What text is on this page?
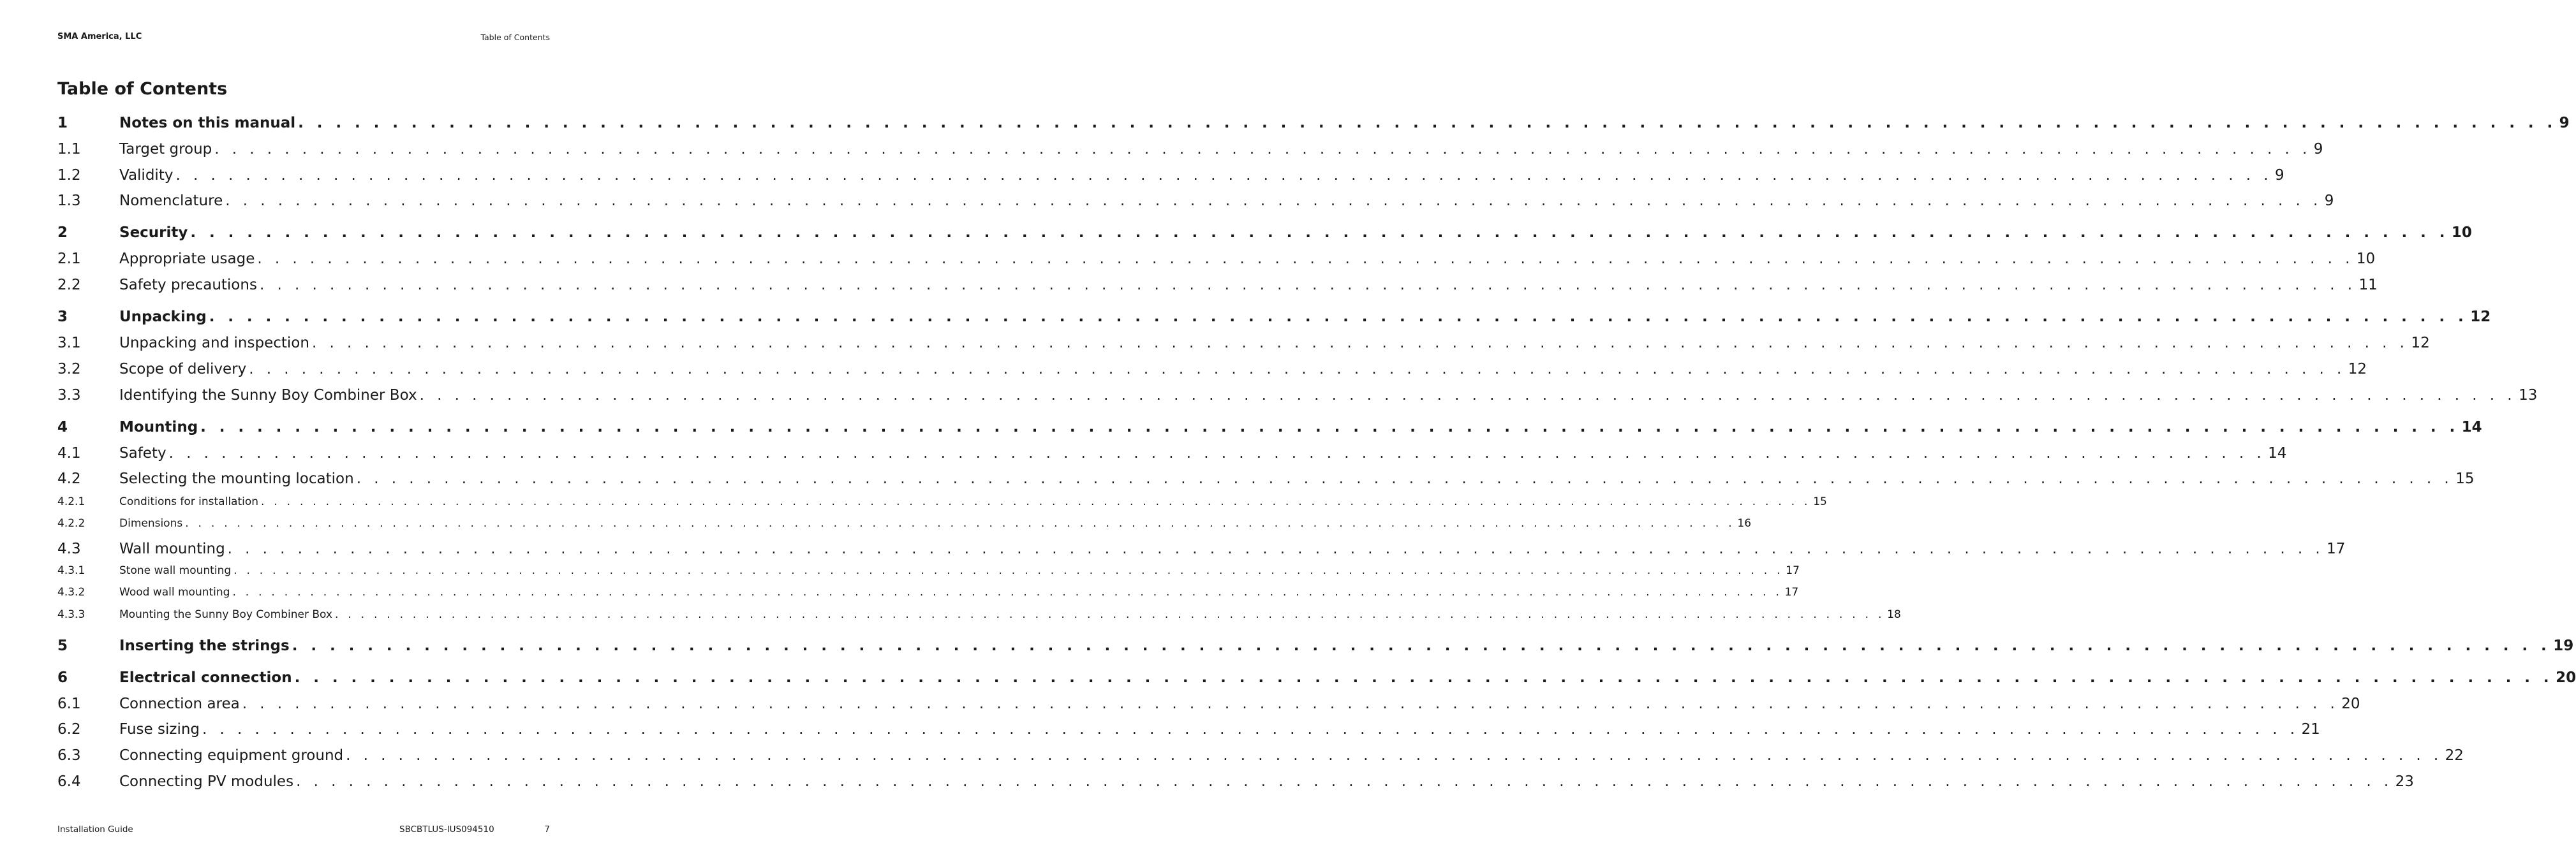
SMA America, LLC	Table of Contents
Table of Contents
1	Notes on this manual . . . . . . . . . . . . . . . . . . . . . . . . . . . . . . . . . . . . . . . . . . . . . . . . . . . . . . . . . . . . . . . . . . . . . . . . . . . . . . . . . . . . . . . . . . . . . . . . . . . . . . . . . . . . . . . . . . . . . . . . 9
1.1	Target group . . . . . . . . . . . . . . . . . . . . . . . . . . . . . . . . . . . . . . . . . . . . . . . . . . . . . . . . . . . . . . . . . . . . . . . . . . . . . . . . . . . . . . . . . . . . . . . . . . . . . . . . . . . . . . . . . . . . . . . . 9
1.2	Validity . . . . . . . . . . . . . . . . . . . . . . . . . . . . . . . . . . . . . . . . . . . . . . . . . . . . . . . . . . . . . . . . . . . . . . . . . . . . . . . . . . . . . . . . . . . . . . . . . . . . . . . . . . . . . . . . . . . . . . . . 9
1.3	Nomenclature . . . . . . . . . . . . . . . . . . . . . . . . . . . . . . . . . . . . . . . . . . . . . . . . . . . . . . . . . . . . . . . . . . . . . . . . . . . . . . . . . . . . . . . . . . . . . . . . . . . . . . . . . . . . . . . . . . . . . . . . 9
2	Security . . . . . . . . . . . . . . . . . . . . . . . . . . . . . . . . . . . . . . . . . . . . . . . . . . . . . . . . . . . . . . . . . . . . . . . . . . . . . . . . . . . . . . . . . . . . . . . . . . . . . . . . . . . . . . . . . . . . . . . . 10
2.1	Appropriate usage . . . . . . . . . . . . . . . . . . . . . . . . . . . . . . . . . . . . . . . . . . . . . . . . . . . . . . . . . . . . . . . . . . . . . . . . . . . . . . . . . . . . . . . . . . . . . . . . . . . . . . . . . . . . . . . . . . . . . . . . 10
2.2	Safety precautions . . . . . . . . . . . . . . . . . . . . . . . . . . . . . . . . . . . . . . . . . . . . . . . . . . . . . . . . . . . . . . . . . . . . . . . . . . . . . . . . . . . . . . . . . . . . . . . . . . . . . . . . . . . . . . . . . . . . . . . . 11
3	Unpacking . . . . . . . . . . . . . . . . . . . . . . . . . . . . . . . . . . . . . . . . . . . . . . . . . . . . . . . . . . . . . . . . . . . . . . . . . . . . . . . . . . . . . . . . . . . . . . . . . . . . . . . . . . . . . . . . . . . . . . . . 12
3.1	Unpacking and inspection . . . . . . . . . . . . . . . . . . . . . . . . . . . . . . . . . . . . . . . . . . . . . . . . . . . . . . . . . . . . . . . . . . . . . . . . . . . . . . . . . . . . . . . . . . . . . . . . . . . . . . . . . . . . . . . . . . . . . . . . 12
3.2	Scope of delivery . . . . . . . . . . . . . . . . . . . . . . . . . . . . . . . . . . . . . . . . . . . . . . . . . . . . . . . . . . . . . . . . . . . . . . . . . . . . . . . . . . . . . . . . . . . . . . . . . . . . . . . . . . . . . . . . . . . . . . . . 12
3.3	Identifying the Sunny Boy Combiner Box . . . . . . . . . . . . . . . . . . . . . . . . . . . . . . . . . . . . . . . . . . . . . . . . . . . . . . . . . . . . . . . . . . . . . . . . . . . . . . . . . . . . . . . . . . . . . . . . . . . . . . . . . . . . . . . . . . . . . . . . 13
4	Mounting . . . . . . . . . . . . . . . . . . . . . . . . . . . . . . . . . . . . . . . . . . . . . . . . . . . . . . . . . . . . . . . . . . . . . . . . . . . . . . . . . . . . . . . . . . . . . . . . . . . . . . . . . . . . . . . . . . . . . . . . 14
4.1	Safety . . . . . . . . . . . . . . . . . . . . . . . . . . . . . . . . . . . . . . . . . . . . . . . . . . . . . . . . . . . . . . . . . . . . . . . . . . . . . . . . . . . . . . . . . . . . . . . . . . . . . . . . . . . . . . . . . . . . . . . . 14
4.2	Selecting the mounting location . . . . . . . . . . . . . . . . . . . . . . . . . . . . . . . . . . . . . . . . . . . . . . . . . . . . . . . . . . . . . . . . . . . . . . . . . . . . . . . . . . . . . . . . . . . . . . . . . . . . . . . . . . . . . . . . . . . . . . . . 15
4.2.1	Conditions for installation . . . . . . . . . . . . . . . . . . . . . . . . . . . . . . . . . . . . . . . . . . . . . . . . . . . . . . . . . . . . . . . . . . . . . . . . . . . . . . . . . . . . . . . . . . . . . . . . . . . . . . . . . . . . . . . . . . . . . . . . 15
4.2.2	Dimensions . . . . . . . . . . . . . . . . . . . . . . . . . . . . . . . . . . . . . . . . . . . . . . . . . . . . . . . . . . . . . . . . . . . . . . . . . . . . . . . . . . . . . . . . . . . . . . . . . . . . . . . . . . . . . . . . . . . . . . . . 16
4.3	Wall mounting . . . . . . . . . . . . . . . . . . . . . . . . . . . . . . . . . . . . . . . . . . . . . . . . . . . . . . . . . . . . . . . . . . . . . . . . . . . . . . . . . . . . . . . . . . . . . . . . . . . . . . . . . . . . . . . . . . . . . . . . 17
4.3.1	Stone wall mounting . . . . . . . . . . . . . . . . . . . . . . . . . . . . . . . . . . . . . . . . . . . . . . . . . . . . . . . . . . . . . . . . . . . . . . . . . . . . . . . . . . . . . . . . . . . . . . . . . . . . . . . . . . . . . . . . . . . . . . . . 17
4.3.2	Wood wall mounting . . . . . . . . . . . . . . . . . . . . . . . . . . . . . . . . . . . . . . . . . . . . . . . . . . . . . . . . . . . . . . . . . . . . . . . . . . . . . . . . . . . . . . . . . . . . . . . . . . . . . . . . . . . . . . . . . . . . . . . . 17
4.3.3	Mounting the Sunny Boy Combiner Box . . . . . . . . . . . . . . . . . . . . . . . . . . . . . . . . . . . . . . . . . . . . . . . . . . . . . . . . . . . . . . . . . . . . . . . . . . . . . . . . . . . . . . . . . . . . . . . . . . . . . . . . . . . . . . . . . . . . . . . . 18
5	Inserting the strings . . . . . . . . . . . . . . . . . . . . . . . . . . . . . . . . . . . . . . . . . . . . . . . . . . . . . . . . . . . . . . . . . . . . . . . . . . . . . . . . . . . . . . . . . . . . . . . . . . . . . . . . . . . . . . . . . . . . . . . . 19
6	Electrical connection . . . . . . . . . . . . . . . . . . . . . . . . . . . . . . . . . . . . . . . . . . . . . . . . . . . . . . . . . . . . . . . . . . . . . . . . . . . . . . . . . . . . . . . . . . . . . . . . . . . . . . . . . . . . . . . . . . . . . . . . 20
6.1	Connection area . . . . . . . . . . . . . . . . . . . . . . . . . . . . . . . . . . . . . . . . . . . . . . . . . . . . . . . . . . . . . . . . . . . . . . . . . . . . . . . . . . . . . . . . . . . . . . . . . . . . . . . . . . . . . . . . . . . . . . . . 20
6.2	Fuse sizing . . . . . . . . . . . . . . . . . . . . . . . . . . . . . . . . . . . . . . . . . . . . . . . . . . . . . . . . . . . . . . . . . . . . . . . . . . . . . . . . . . . . . . . . . . . . . . . . . . . . . . . . . . . . . . . . . . . . . . . . 21
6.3	Connecting equipment ground . . . . . . . . . . . . . . . . . . . . . . . . . . . . . . . . . . . . . . . . . . . . . . . . . . . . . . . . . . . . . . . . . . . . . . . . . . . . . . . . . . . . . . . . . . . . . . . . . . . . . . . . . . . . . . . . . . . . . . . . 22
6.4	Connecting PV modules . . . . . . . . . . . . . . . . . . . . . . . . . . . . . . . . . . . . . . . . . . . . . . . . . . . . . . . . . . . . . . . . . . . . . . . . . . . . . . . . . . . . . . . . . . . . . . . . . . . . . . . . . . . . . . . . . . . . . . . . 23
Installation Guide	SBCBTLUS-IUS094510	7
